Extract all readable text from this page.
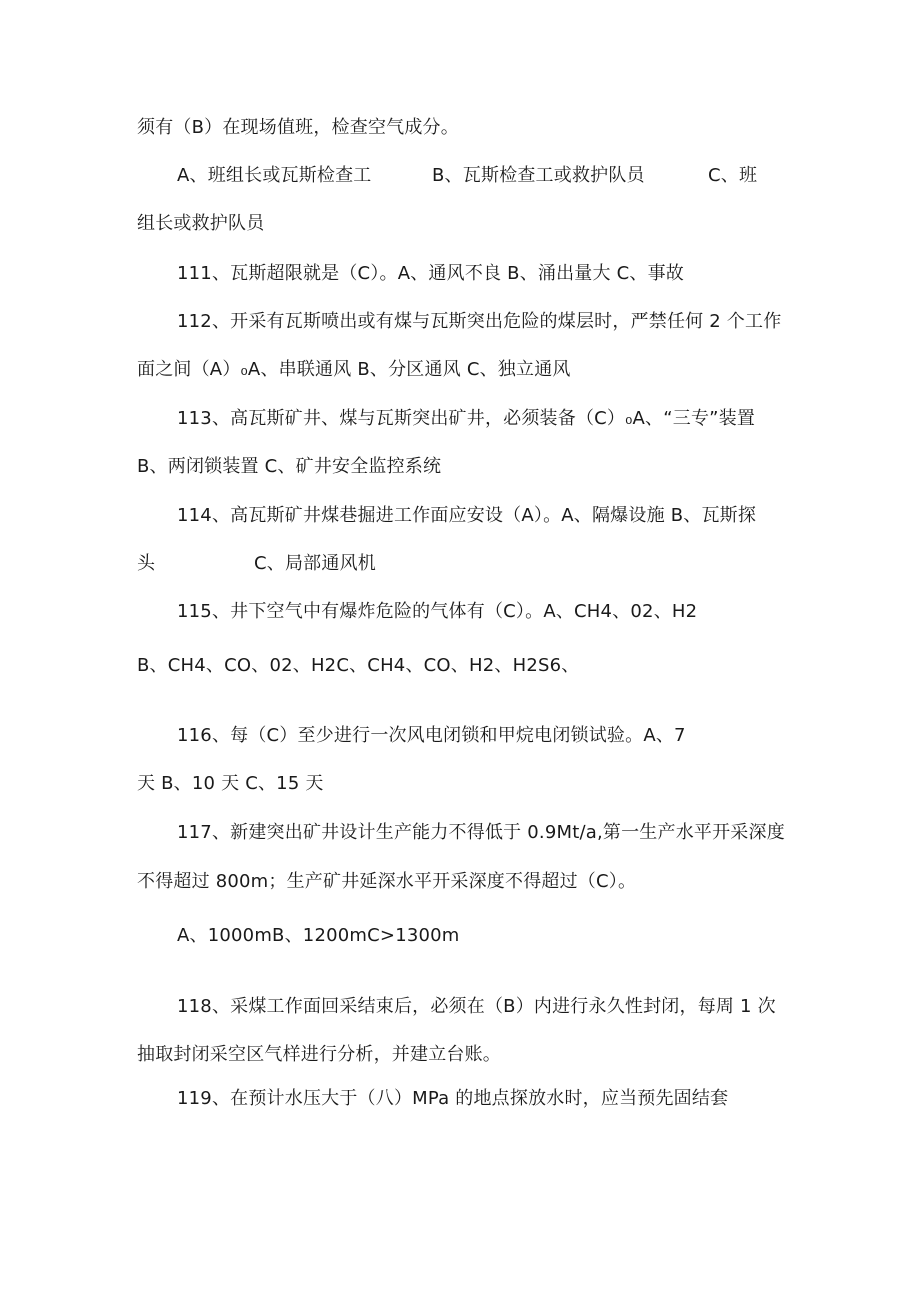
须有（B）在现场值班，检查空气成分。
A、班组长或瓦斯检查工	B、瓦斯检查工或救护队员	C、班
组长或救护队员
111、瓦斯超限就是（C）。A、通风不良 B、涌出量大 C、事故
112、开采有瓦斯喷出或有煤与瓦斯突出危险的煤层时，严禁任何 2 个工作
面之间（A）₀A、串联通风 B、分区通风 C、独立通风
113、高瓦斯矿井、煤与瓦斯突出矿井，必须装备（C）₀A、“三专”装置
B、两闭锁装置 C、矿井安全监控系统
114、高瓦斯矿井煤巷掘进工作面应安设（A）。A、隔爆设施 B、瓦斯探
头	C、局部通风机
115、井下空气中有爆炸危险的气体有（C）。A、CH4、02、H2
B、CH4、CO、02、H2C、CH4、CO、H2、H2S6、
116、每（C）至少进行一次风电闭锁和甲烷电闭锁试验。A、7
天 B、10 天 C、15 天
117、新建突出矿井设计生产能力不得低于 0.9Mt∕a,第一生产水平开采深度
不得超过 800m；生产矿井延深水平开采深度不得超过（C）。
A、1000mB、1200mC>1300m
118、采煤工作面回采结束后，必须在（B）内进行永久性封闭，每周 1 次
抽取封闭采空区气样进行分析，并建立台账。
119、在预计水压大于（八）MPa 的地点探放水时，应当预先固结套
